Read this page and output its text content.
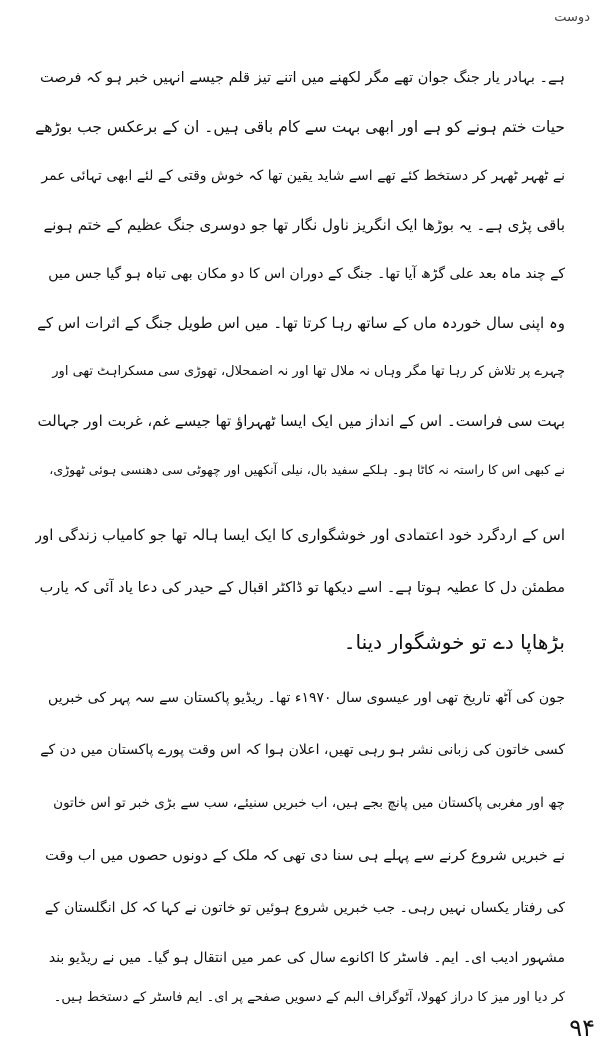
دوست
ہے۔ بہادر یار جنگ جوان تھے مگر لکھنے میں اتنے تیز قلم جیسے انہیں خبر ہو کہ فرصت
حیات ختم ہونے کو ہے اور ابھی بہت سے کام باقی ہیں۔ ان کے برعکس جب بوڑھے
نے ٹھہر ٹھہر کر دستخط کئے تھے اسے شاید یقین تھا کہ خوش وقتی کے لئے ابھی تہائی عمر
باقی پڑی ہے۔ یہ بوڑھا ایک انگریز ناول نگار تھا جو دوسری جنگ عظیم کے ختم ہونے
کے چند ماہ بعد علی گڑھ آیا تھا۔ جنگ کے دوران اس کا دو مکان بھی تباہ ہو گیا جس میں
وہ اپنی سال خوردہ ماں کے ساتھ رہا کرتا تھا۔ میں اس طویل جنگ کے اثرات اس کے
چہرے پر تلاش کر رہا تھا مگر وہاں نہ ملال تھا اور نہ اضمحلال، تھوڑی سی مسکراہٹ تھی اور
بہت سی فراست۔ اس کے انداز میں ایک ایسا ٹھہراؤ تھا جیسے غم، غربت اور جہالت
نے کبھی اس کا راستہ نہ کاٹا ہو۔ ہلکے سفید بال، نیلی آنکھیں اور چھوٹی سی دھنسی ہوئی ٹھوڑی،
اس کے اردگرد خود اعتمادی اور خوشگواری کا ایک ایسا ہالہ تھا جو کامیاب زندگی اور
مطمئن دل کا عطیہ ہوتا ہے۔ اسے دیکھا تو ڈاکٹر اقبال کے حیدر کی دعا یاد آئی کہ یارب
بڑھاپا دے تو خوشگوار دینا۔
جون کی آٹھ تاریخ تھی اور عیسوی سال ۱۹۷۰ء تھا۔ ریڈیو پاکستان سے سہ پہر کی خبریں
کسی خاتون کی زبانی نشر ہو رہی تھیں، اعلان ہوا کہ اس وقت پورے پاکستان میں دن کے
چھ اور مغربی پاکستان میں پانچ بجے ہیں، اب خبریں سنیئے، سب سے بڑی خبر تو اس خاتون
نے خبریں شروع کرنے سے پہلے ہی سنا دی تھی کہ ملک کے دونوں حصوں میں اب وقت
کی رفتار یکساں نہیں رہی۔ جب خبریں شروع ہوئیں تو خاتون نے کہا کہ کل انگلستان کے
مشہور ادیب ای۔ ایم۔ فاسٹر کا اکانوے سال کی عمر میں انتقال ہو گیا۔ میں نے ریڈیو بند
کر دیا اور میز کا دراز کھولا، آٹوگراف البم کے دسویں صفحے پر ای۔ ایم فاسٹر کے دستخط ہیں۔
۹۴
